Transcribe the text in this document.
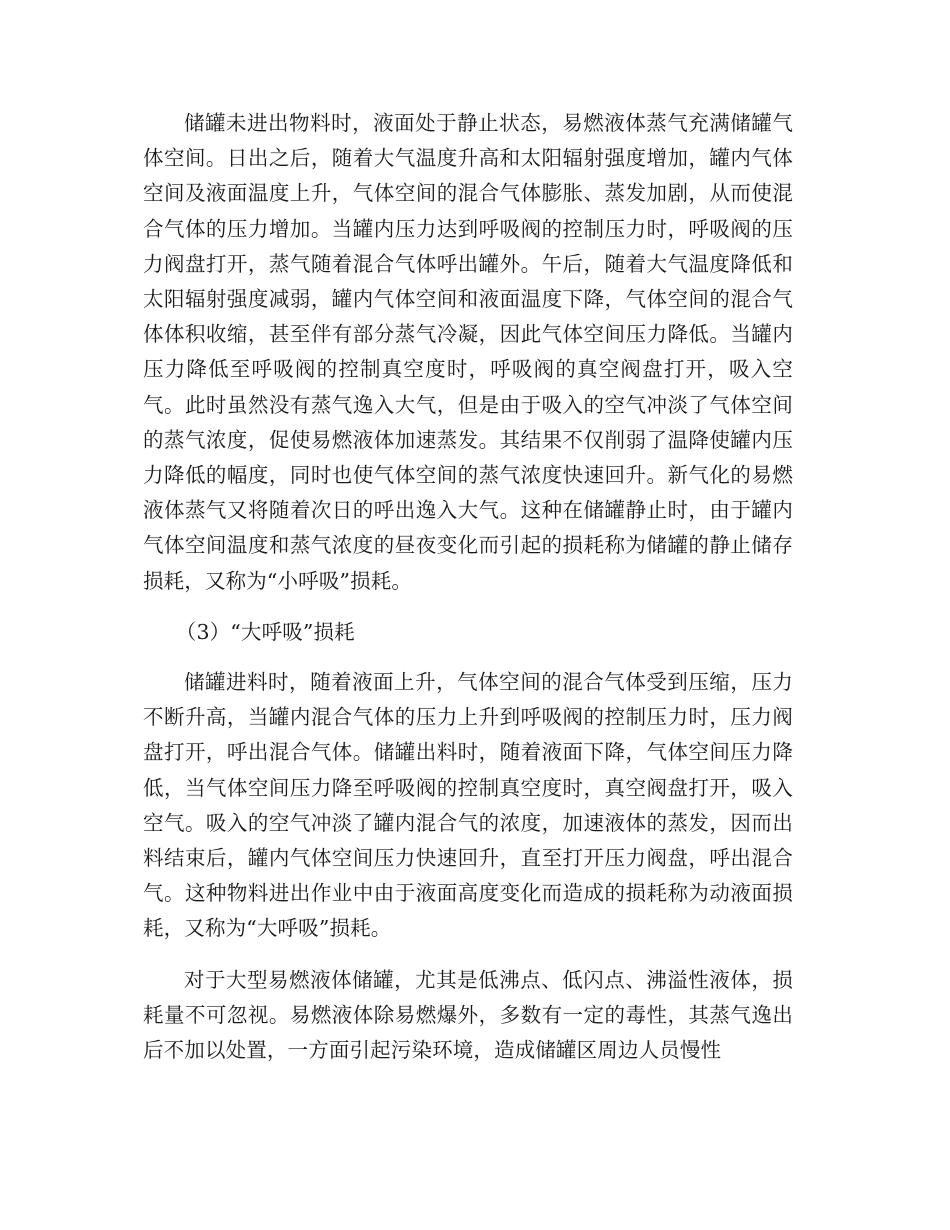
储罐未进出物料时，液面处于静止状态，易燃液体蒸气充满储罐气体空间。日出之后，随着大气温度升高和太阳辐射强度增加，罐内气体空间及液面温度上升，气体空间的混合气体膨胀、蒸发加剧，从而使混合气体的压力增加。当罐内压力达到呼吸阀的控制压力时，呼吸阀的压力阀盘打开，蒸气随着混合气体呼出罐外。午后，随着大气温度降低和太阳辐射强度减弱，罐内气体空间和液面温度下降，气体空间的混合气体体积收缩，甚至伴有部分蒸气冷凝，因此气体空间压力降低。当罐内压力降低至呼吸阀的控制真空度时，呼吸阀的真空阀盘打开，吸入空气。此时虽然没有蒸气逸入大气，但是由于吸入的空气冲淡了气体空间的蒸气浓度，促使易燃液体加速蒸发。其结果不仅削弱了温降使罐内压力降低的幅度，同时也使气体空间的蒸气浓度快速回升。新气化的易燃液体蒸气又将随着次日的呼出逸入大气。这种在储罐静止时，由于罐内气体空间温度和蒸气浓度的昼夜变化而引起的损耗称为储罐的静止储存损耗，又称为“小呼吸”损耗。

（3）“大呼吸”损耗

储罐进料时，随着液面上升，气体空间的混合气体受到压缩，压力不断升高，当罐内混合气体的压力上升到呼吸阀的控制压力时，压力阀盘打开，呼出混合气体。储罐出料时，随着液面下降，气体空间压力降低，当气体空间压力降至呼吸阀的控制真空度时，真空阀盘打开，吸入空气。吸入的空气冲淡了罐内混合气的浓度，加速液体的蒸发，因而出料结束后，罐内气体空间压力快速回升，直至打开压力阀盘，呼出混合气。这种物料进出作业中由于液面高度变化而造成的损耗称为动液面损耗，又称为“大呼吸”损耗。

对于大型易燃液体储罐，尤其是低沸点、低闪点、沸溢性液体，损耗量不可忽视。易燃液体除易燃爆外，多数有一定的毒性，其蒸气逸出后不加以处置，一方面引起污染环境，造成储罐区周边人员慢性
